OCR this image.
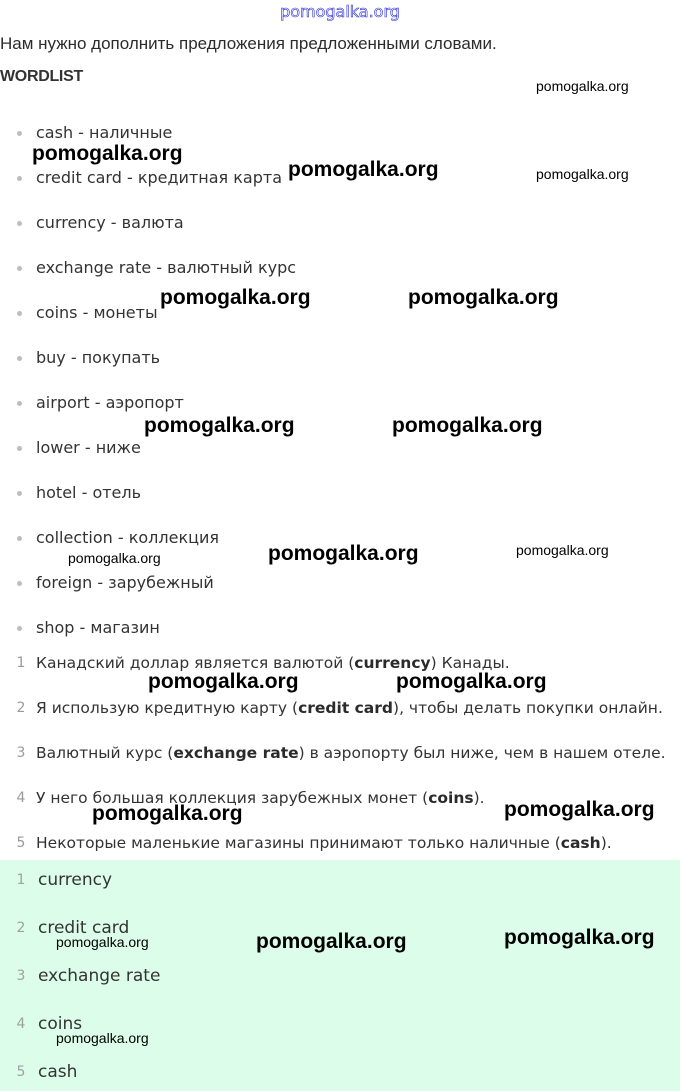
pomogalka.org
Нам нужно дополнить предложения предложенными словами.
WORDLIST
cash - наличные
credit card - кредитная карта
currency - валюта
exchange rate - валютный курс
coins - монеты
buy - покупать
airport - аэропорт
lower - ниже
hotel - отель
collection - коллекция
foreign - зарубежный
shop - магазин
1 Канадский доллар является валютой (currency) Канады.
2 Я использую кредитную карту (credit card), чтобы делать покупки онлайн.
3 Валютный курс (exchange rate) в аэропорту был ниже, чем в нашем отеле.
4 У него большая коллекция зарубежных монет (coins).
5 Некоторые маленькие магазины принимают только наличные (cash).
1 currency
2 credit card
3 exchange rate
4 coins
5 cash
pomogalka.org
pomogalka.org
pomogalka.org	pomogalka.org
pomogalka.org	pomogalka.org
pomogalka.org	pomogalka.org
pomogalka.org	pomogalka.org	pomogalka.org
pomogalka.org	pomogalka.org
pomogalka.org
pomogalka.org
pomogalka.org	pomogalka.org	pomogalka.org
pomogalka.org
